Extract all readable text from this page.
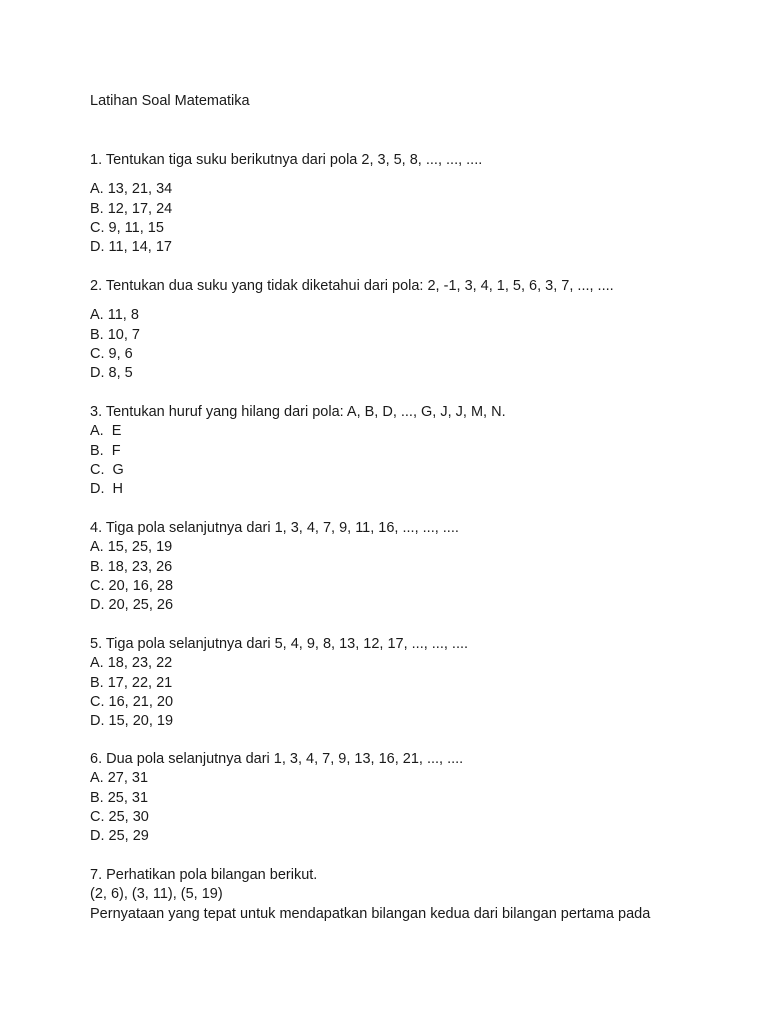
Latihan Soal Matematika
1. Tentukan tiga suku berikutnya dari pola 2, 3, 5, 8, ..., ..., ....
A. 13, 21, 34
B. 12, 17, 24
C. 9, 11, 15
D. 11, 14, 17
2. Tentukan dua suku yang tidak diketahui dari pola: 2, -1, 3, 4, 1, 5, 6, 3, 7, ..., ....
A. 11, 8
B. 10, 7
C. 9, 6
D. 8, 5
3. Tentukan huruf yang hilang dari pola: A, B, D, ..., G, J, J, M, N.
A.  E
B.  F
C.  G
D.  H
4. Tiga pola selanjutnya dari 1, 3, 4, 7, 9, 11, 16, ..., ..., ....
A. 15, 25, 19
B. 18, 23, 26
C. 20, 16, 28
D. 20, 25, 26
5. Tiga pola selanjutnya dari 5, 4, 9, 8, 13, 12, 17, ..., ..., ....
A. 18, 23, 22
B. 17, 22, 21
C. 16, 21, 20
D. 15, 20, 19
6. Dua pola selanjutnya dari 1, 3, 4, 7, 9, 13, 16, 21, ..., ....
A. 27, 31
B. 25, 31
C. 25, 30
D. 25, 29
7. Perhatikan pola bilangan berikut.
(2, 6), (3, 11), (5, 19)
Pernyataan yang tepat untuk mendapatkan bilangan kedua dari bilangan pertama pada
